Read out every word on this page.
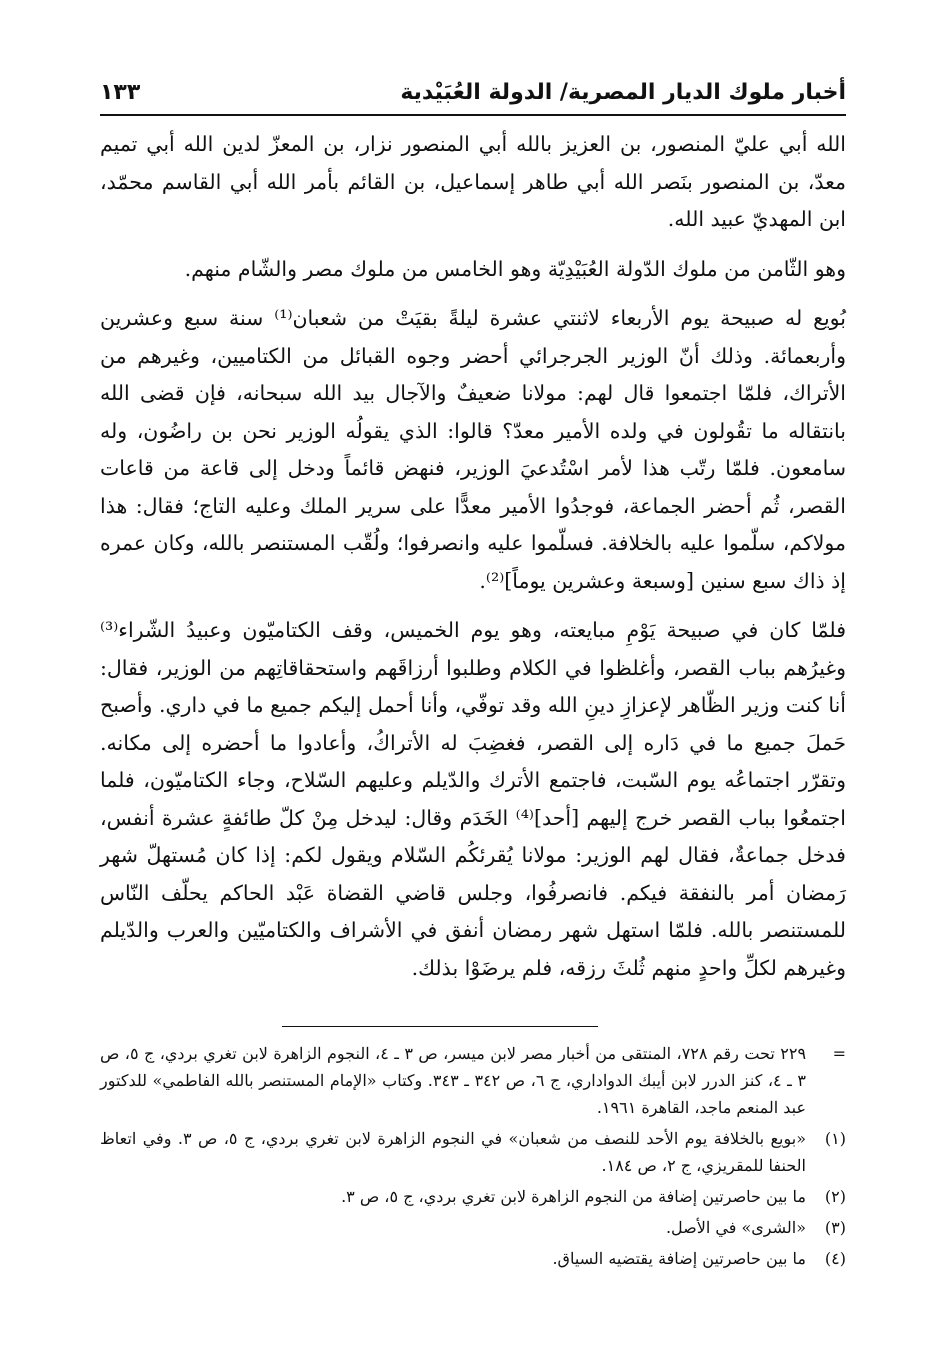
أخبار ملوك الديار المصرية/ الدولة العُبَيْدية
١٣٣

الله أبي عليّ المنصور، بن العزيز بالله أبي المنصور نزار، بن المعزّ لدين الله أبي تميم معدّ، بن المنصور بنَصر الله أبي طاهر إسماعيل، بن القائم بأمر الله أبي القاسم محمّد، ابن المهديّ عبيد الله.

وهو الثّامن من ملوك الدّولة العُبَيْدِيّة وهو الخامس من ملوك مصر والشّام منهم.

بُويع له صبيحة يوم الأربعاء لاثنتي عشرة ليلةً بقيَتْ من شعبان⁽¹⁾ سنة سبع وعشرين وأربعمائة. وذلك أنّ الوزير الجرجرائي أحضر وجوه القبائل من الكتاميين، وغيرهم من الأتراك، فلمّا اجتمعوا قال لهم: مولانا ضعيفٌ والآجال بيد الله سبحانه، فإن قضى الله بانتقاله ما تقُولون في ولده الأمير معدّ؟ قالوا: الذي يقولُه الوزير نحن بن راضُون، وله سامعون. فلمّا رتّب هذا لأمر اسْتُدعيَ الوزير، فنهض قائماً ودخل إلى قاعة من قاعات القصر، ثُم أحضر الجماعة، فوجدُوا الأمير معدًّا على سرير الملك وعليه التاج؛ فقال: هذا مولاكم، سلّموا عليه بالخلافة. فسلّموا عليه وانصرفوا؛ ولُقّب المستنصر بالله، وكان عمره إذ ذاك سبع سنين [وسبعة وعشرين يوماً]⁽²⁾.

فلمّا كان في صبيحة يَوْمِ مبايعته، وهو يوم الخميس، وقف الكتاميّون وعبيدُ الشّراء⁽³⁾ وغيرُهم بباب القصر، وأغلظوا في الكلام وطلبوا أرزاقَهم واستحقاقاتِهم من الوزير، فقال: أنا كنت وزير الظّاهر لإعزازِ دينِ الله وقد توفّي، وأنا أحمل إليكم جميع ما في داري. وأصبح حَملَ جميع ما في دَاره إلى القصر، فغضِبَ له الأتراكُ، وأعادوا ما أحضره إلى مكانه. وتقرّر اجتماعُه يوم السّبت، فاجتمع الأترك والدّيلم وعليهم السّلاح، وجاء الكتاميّون، فلما اجتمعُوا بباب القصر خرج إليهم [أحد]⁽⁴⁾ الخَدَم وقال: ليدخل مِنْ كلّ طائفةٍ عشرة أنفس، فدخل جماعةٌ، فقال لهم الوزير: مولانا يُقرئكُم السّلام ويقول لكم: إذا كان مُستهلّ شهر رَمضان أمر بالنفقة فيكم. فانصرفُوا، وجلس قاضي القضاة عَبْد الحاكم يحلّف النّاس للمستنصر بالله. فلمّا استهل شهر رمضان أنفق في الأشراف والكتاميّين والعرب والدّيلم وغيرهم لكلِّ واحدٍ منهم ثُلثَ رزقه، فلم يرضَوْا بذلك.

=
٢٢٩ تحت رقم ٧٢٨، المنتقى من أخبار مصر لابن ميسر، ص ٣ ـ ٤، النجوم الزاهرة لابن تغري بردي، ج ٥، ص ٣ ـ ٤، كنز الدرر لابن أيبك الدواداري، ج ٦، ص ٣٤٢ ـ ٣٤٣. وكتاب «الإمام المستنصر بالله الفاطمي» للدكتور عبد المنعم ماجد، القاهرة ١٩٦١.
(١)
«بويع بالخلافة يوم الأحد للنصف من شعبان» في النجوم الزاهرة لابن تغري بردي، ج ٥، ص ٣. وفي اتعاظ الحنفا للمقريزي، ج ٢، ص ١٨٤.
(٢)
ما بين حاصرتين إضافة من النجوم الزاهرة لابن تغري بردي، ج ٥، ص ٣.
(٣)
«الشرى» في الأصل.
(٤)
ما بين حاصرتين إضافة يقتضيه السياق.
